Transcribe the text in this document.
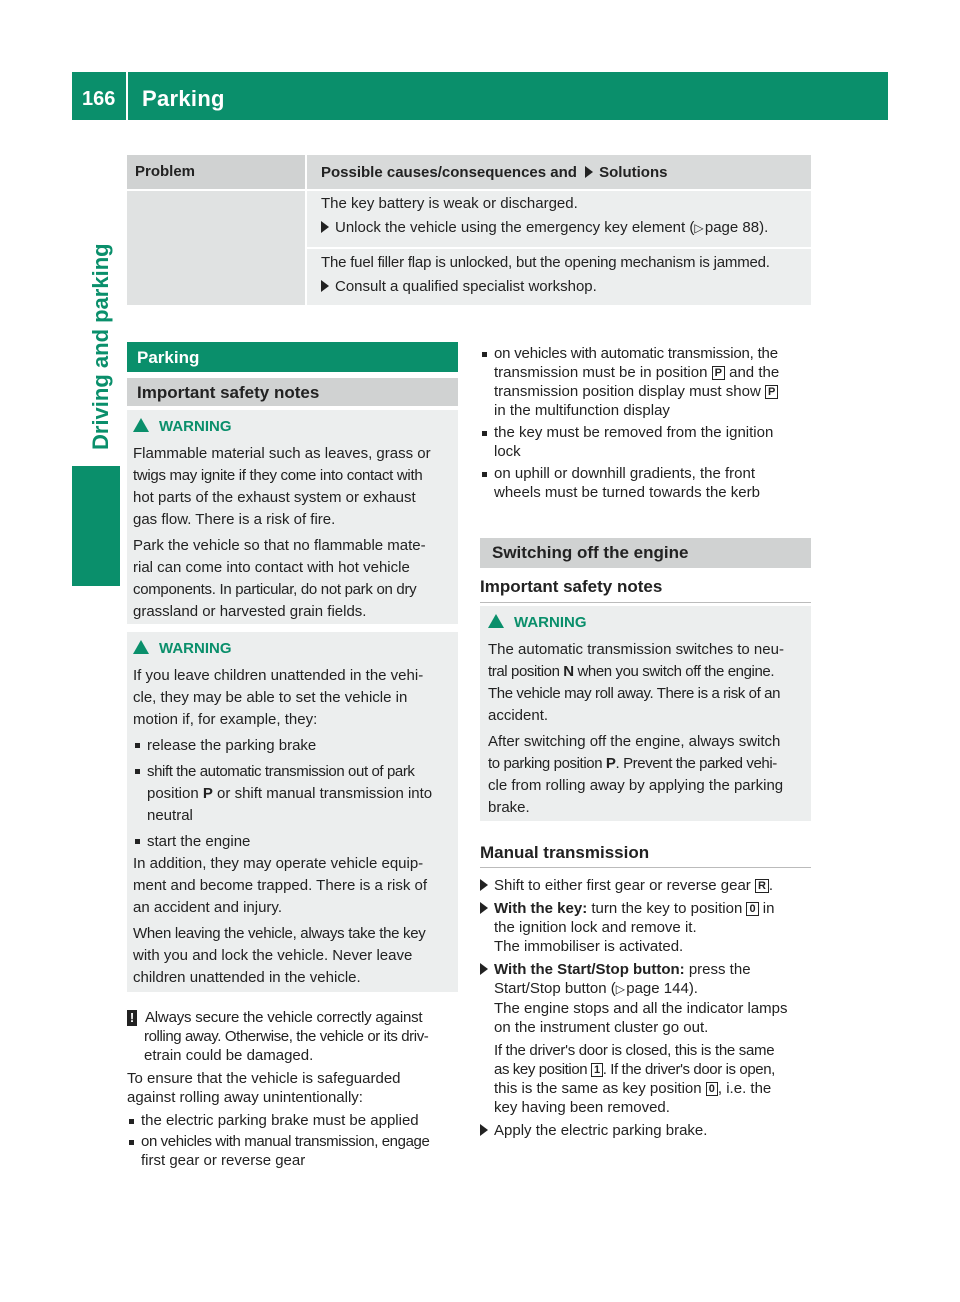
166 Parking
Driving and parking
Problem	Possible causes/consequences and Solutions
The key battery is weak or discharged.
Unlock the vehicle using the emergency key element (▷ page 88).
The fuel filler flap is unlocked, but the opening mechanism is jammed.
Consult a qualified specialist workshop.
Parking
Important safety notes
WARNING
Flammable material such as leaves, grass or
twigs may ignite if they come into contact with
hot parts of the exhaust system or exhaust
gas flow. There is a risk of fire.
Park the vehicle so that no flammable mate-
rial can come into contact with hot vehicle
components. In particular, do not park on dry
grassland or harvested grain fields.
WARNING
If you leave children unattended in the vehi-
cle, they may be able to set the vehicle in
motion if, for example, they:
release the parking brake
shift the automatic transmission out of park
position P or shift manual transmission into
neutral
start the engine
In addition, they may operate vehicle equip-
ment and become trapped. There is a risk of
an accident and injury.
When leaving the vehicle, always take the key
with you and lock the vehicle. Never leave
children unattended in the vehicle.
! Always secure the vehicle correctly against
rolling away. Otherwise, the vehicle or its driv-
etrain could be damaged.
To ensure that the vehicle is safeguarded
against rolling away unintentionally:
the electric parking brake must be applied
on vehicles with manual transmission, engage
first gear or reverse gear
on vehicles with automatic transmission, the
transmission must be in position P and the
transmission position display must show P
in the multifunction display
the key must be removed from the ignition
lock
on uphill or downhill gradients, the front
wheels must be turned towards the kerb
Switching off the engine
Important safety notes
WARNING
The automatic transmission switches to neu-
tral position N when you switch off the engine.
The vehicle may roll away. There is a risk of an
accident.
After switching off the engine, always switch
to parking position P. Prevent the parked vehi-
cle from rolling away by applying the parking
brake.
Manual transmission
Shift to either first gear or reverse gear R .
With the key: turn the key to position 0 in
the ignition lock and remove it.
The immobiliser is activated.
With the Start/Stop button: press the
Start/Stop button (▷ page 144).
The engine stops and all the indicator lamps
on the instrument cluster go out.
If the driver's door is closed, this is the same
as key position 1 . If the driver's door is open,
this is the same as key position 0 , i.e. the
key having been removed.
Apply the electric parking brake.
